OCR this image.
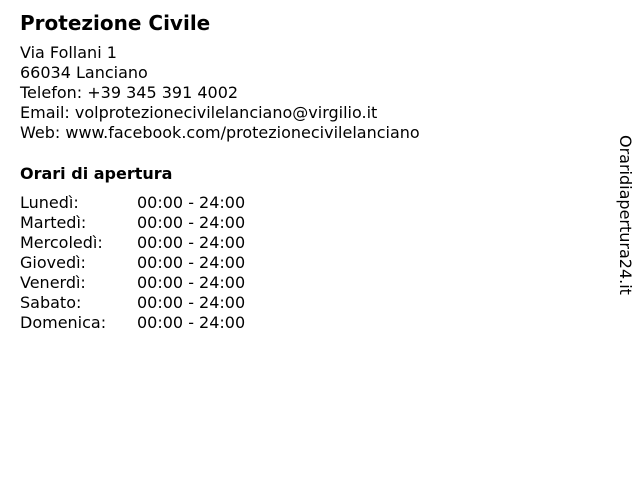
Protezione Civile
Via Follani 1
66034 Lanciano
Telefon: +39 345 391 4002
Email: volprotezionecivilelanciano@virgilio.it
Web: www.facebook.com/protezionecivilelanciano
Orari di apertura
Lunedì:	00:00 - 24:00
Martedì:	00:00 - 24:00
Mercoledì:	00:00 - 24:00
Giovedì:	00:00 - 24:00
Venerdì:	00:00 - 24:00
Sabato:	00:00 - 24:00
Domenica:	00:00 - 24:00
Oraridiapertura24.it
